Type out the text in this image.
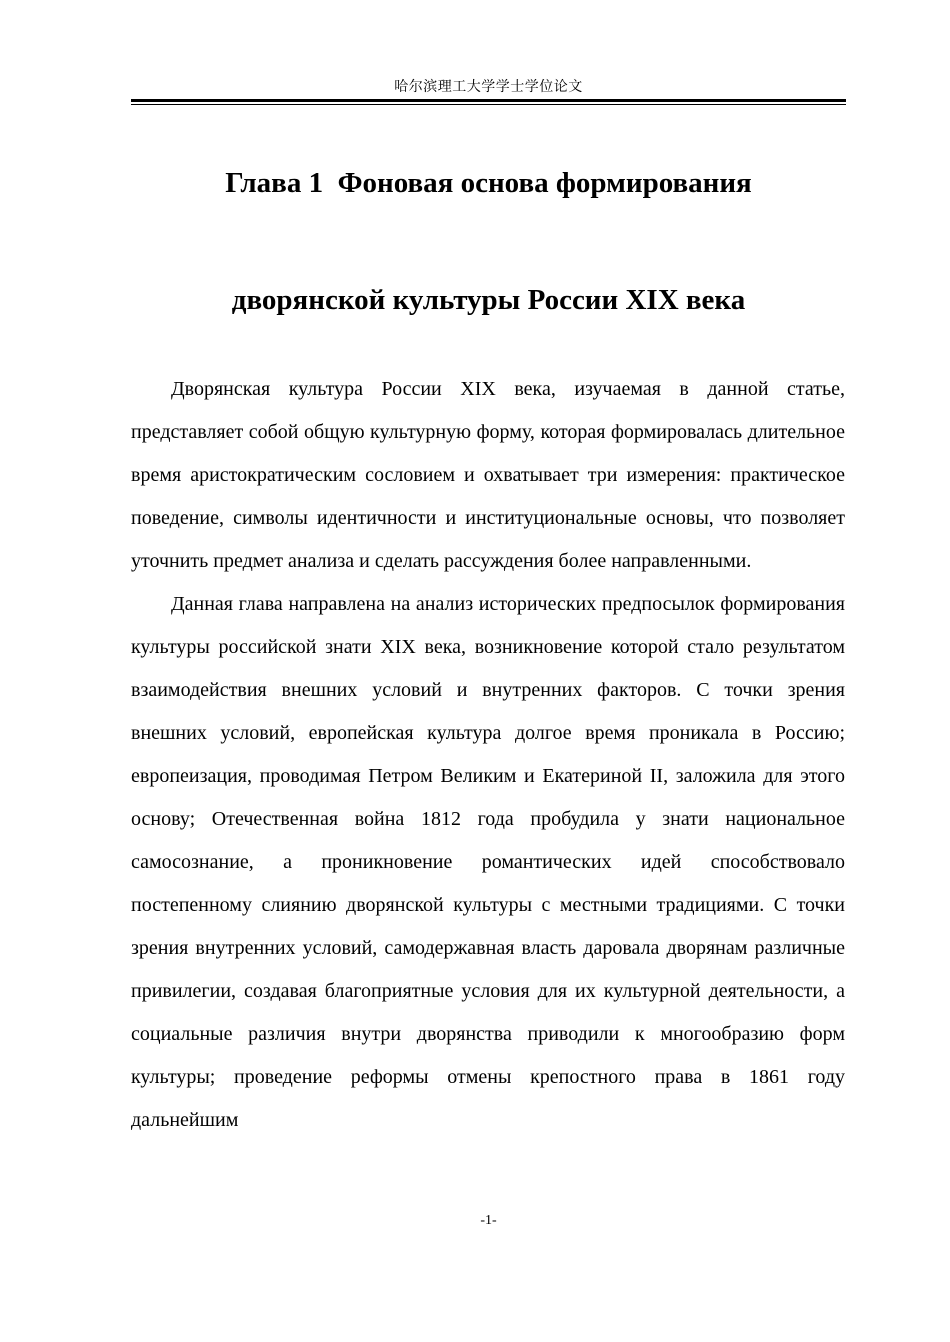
哈尔滨理工大学学士学位论文
Глава 1  Фоновая основа формирования
дворянской культуры России XIX века

Дворянская культура России XIX века, изучаемая в данной статье, представляет собой общую культурную форму, которая формировалась длительное время аристократическим сословием и охватывает три измерения: практическое поведение, символы идентичности и институциональные основы, что позволяет уточнить предмет анализа и сделать рассуждения более направленными.

Данная глава направлена на анализ исторических предпосылок формирования культуры российской знати XIX века, возникновение которой стало результатом взаимодействия внешних условий и внутренних факторов. С точки зрения внешних условий, европейская культура долгое время проникала в Россию; европеизация, проводимая Петром Великим и Екатериной II, заложила для этого основу; Отечественная война 1812 года пробудила у знати национальное самосознание, а проникновение романтических идей способствовало постепенному слиянию дворянской культуры с местными традициями. С точки зрения внутренних условий, самодержавная власть даровала дворянам различные привилегии, создавая благоприятные условия для их культурной деятельности, а социальные различия внутри дворянства приводили к многообразию форм культуры; проведение реформы отмены крепостного права в 1861 году дальнейшим

-1-
